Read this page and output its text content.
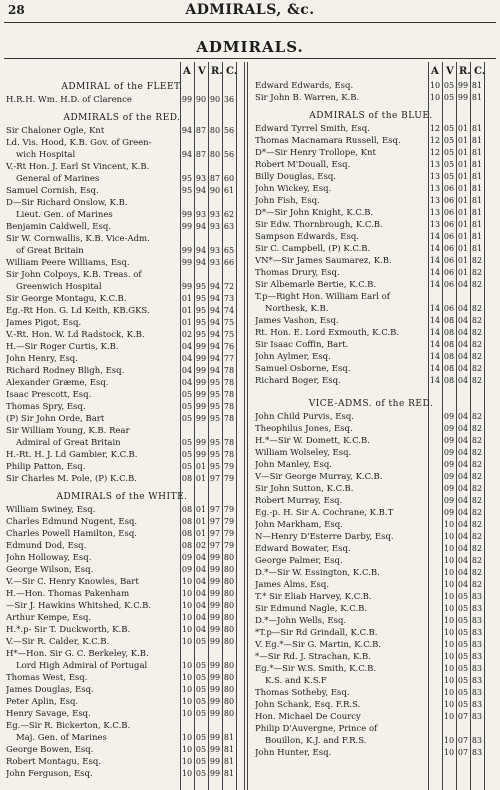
28	ADMIRALS, &c.
ADMIRALS.
A V R. C.	A V R. C.
ADMIRAL of the FLEET.
H.R.H. Wm. H.D. of Clarence	99 90 90 36
ADMIRALS of the RED.
Sir Chaloner Ogle, Knt	94 87 80 56
Ld. Vis. Hood, K.B. Gov. of Green-
wich Hospital	94 87 80 56
V.-Rt Hon. J. Earl St Vincent, K.B.
General of Marines	95 93 87 60
Samuel Cornish, Esq.	95 94 90 61
D—Sir Richard Onslow, K.B.
Lieut. Gen. of Marines	99 93 93 62
Benjamin Caldwell, Esq.	99 94 93 63
Sir W. Cornwallis, K.B. Vice-Adm.
of Great Britain	99 94 93 65
William Peere Williams, Esq.	99 94 93 66
Sir John Colpoys, K.B. Treas. of
Greenwich Hospital	99 95 94 72
Sir George Montagu, K.C.B.	01 95 94 73
Eg.-Rt Hon. G. Ld Keith, KB.GKS.	01 95 94 74
James Pigot, Esq.	01 95 94 75
V.-Rt. Hon. W. Ld Radstock, K.B.	02 95 94 75
H.—Sir Roger Curtis, K.B.	04 99 94 76
John Henry, Esq.	04 99 94 77
Richard Rodney Bligh, Esq.	04 99 94 78
Alexander Græme, Esq.	04 99 95 78
Isaac Prescott, Esq.	05 99 95 78
Thomas Spry, Esq.	05 99 95 78
(P) Sir John Orde, Bart	05 99 95 78
Sir William Young, K.B. Rear
Admiral of Great Britain	05 99 95 78
H.-Rt. H. J. Ld Gambier, K.C.B.	05 99 95 78
Philip Patton, Esq.	05 01 95 79
Sir Charles M. Pole, (P) K.C.B.	08 01 97 79
ADMIRALS of the WHITE.
William Swiney, Esq.	08 01 97 79
Charles Edmund Nugent, Esq.	08 01 97 79
Charles Powell Hamilton, Esq.	08 01 97 79
Edmund Dod, Esq.	08 02 97 79
John Holloway, Esq.	09 04 99 80
George Wilson, Esq.	09 04 99 80
V.—Sir C. Henry Knowles, Bart	10 04 99 80
H.—Hon. Thomas Pakenham	10 04 99 80
—Sir J. Hawkins Whitshed, K.C.B.	10 04 99 80
Arthur Kempe, Esq.	10 04 99 80
H.*.p- Sir T. Duckworth, K.B.	10 04 99 80
V.—Sir R. Calder, K.C.B.	10 05 99 80
H*—Hon. Sir G. C. Berkeley, K.B.
Lord High Admiral of Portugal	10 05 99 80
Thomas West, Esq.	10 05 99 80
James Douglas, Esq.	10 05 99 80
Peter Aplin, Esq.	10 05 99 80
Henry Savage, Esq.	10 05 99 80
Eg.—Sir R. Bickerton, K.C.B.
Maj. Gen. of Marines	10 05 99 81
George Bowen, Esq.	10 05 99 81
Robert Montagu, Esq.	10 05 99 81
John Ferguson, Esq.	10 05 99 81
Edward Edwards, Esq.	10 05 99 81
Sir John B. Warren, K.B.	10 05 99 81
ADMIRALS of the BLUE.
Edward Tyrrel Smith, Esq.	12 05 01 81
Thomas Macnamara Russell, Esq.	12 05 01 81
D*—Sir Henry Trollope, Knt	12 05 01 81
Robert M'Douall, Esq.	13 05 01 81
Billy Douglas, Esq.	13 05 01 81
John Wickey, Esq.	13 06 01 81
John Fish, Esq.	13 06 01 81
D*—Sir John Knight, K.C.B.	13 06 01 81
Sir Edw. Thornbrough, K.C.B.	13 06 01 81
Sampson Edwards, Esq.	14 06 01 81
Sir C. Campbell, (P) K.C.B.	14 06 01 81
VN*—Sir James Saumarez, K.B.	14 06 01 82
Thomas Drury, Esq.	14 06 01 82
Sir Albemarle Bertie, K.C.B.	14 06 04 82
T.p—Right Hon. William Earl of
Northesk, K.B.	14 06 04 82
James Vashon, Esq.	14 08 04 82
Rt. Hon. E. Lord Exmouth, K.C.B.	14 08 04 82
Sir Isaac Coffin, Bart.	14 08 04 82
John Aylmer, Esq.	14 08 04 82
Samuel Osborne, Esq.	14 08 04 82
Richard Boger, Esq.	14 08 04 82
VICE-ADMS. of the RED.
John Child Purvis, Esq.	09 04 82
Theophilus Jones, Esq.	09 04 82
H.*—Sir W. Domett, K.C.B.	09 04 82
William Wolseley, Esq.	09 04 82
John Manley, Esq.	09 04 82
V—Sir George Murray, K.C.B.	09 04 82
Sir John Sutton, K.C.B.	09 04 82
Robert Murray, Esq.	09 04 82
Eg.-p. H. Sir A. Cochrane, K.B.T	09 04 82
John Markham, Esq.	10 04 82
N—Henry D'Esterre Darby, Esq.	10 04 82
Edward Bowater, Esq.	10 04 82
George Palmer, Esq.	10 04 82
D.*—Sir W. Essington, K.C.B.	10 04 82
James Alms, Esq.	10 04 82
T.* Sir Eliab Harvey, K.C.B.	10 05 83
Sir Edmund Nagle, K.C.B.	10 05 83
D.*—John Wells, Esq.	10 05 83
*T.p—Sir Rd Grindall, K.C.B.	10 05 83
V. Eg.*—Sir G. Martin, K.C.B.	10 05 83
*—Sir Rd. J. Strachan, K.B.	10 05 83
Eg.*—Sir W.S. Smith, K.C.B.	10 05 83
K.S. and K.S.F	10 05 83
Thomas Sotheby, Esq.	10 05 83
John Schank, Esq. F.R.S.	10 05 83
Hon. Michael De Courcy	10 07 83
Philip D'Auvergne, Prince of
Bouillon, K.J. and F.R.S.	10 07 83
John Hunter, Esq.	10 07 83
